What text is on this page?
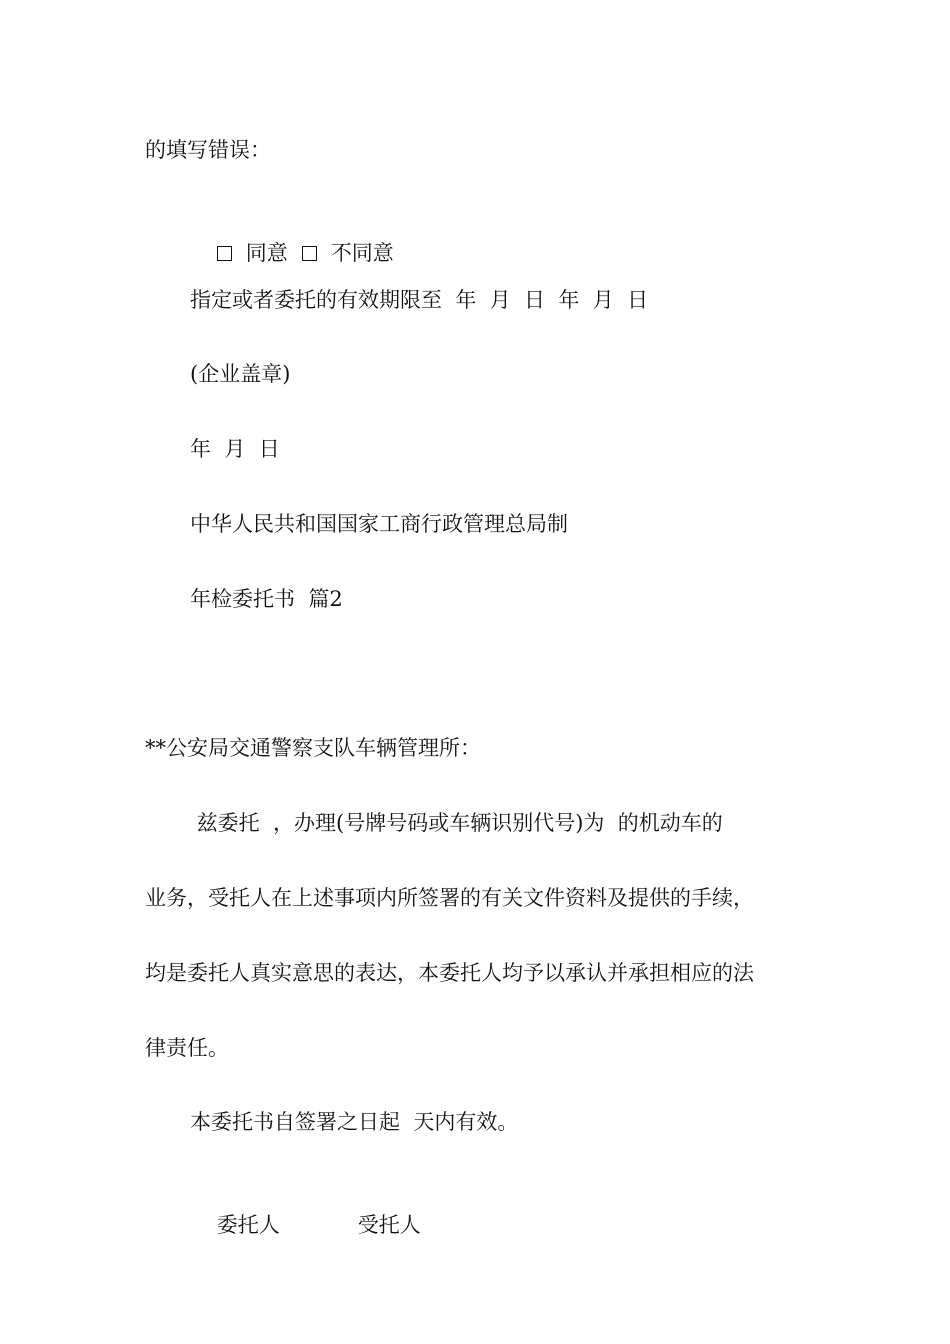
的填写错误：

同意 不同意

指定或者委托的有效期限至  年  月  日  年  月  日

(企业盖章)

年  月  日

中华人民共和国国家工商行政管理总局制

年检委托书  篇2

**公安局交通警察支队车辆管理所：

兹委托  ，办理(号牌号码或车辆识别代号)为  的机动车的

业务，受托人在上述事项内所签署的有关文件资料及提供的手续，

均是委托人真实意思的表达，本委托人均予以承认并承担相应的法

律责任。

本委托书自签署之日起  天内有效。

委托人	受托人
